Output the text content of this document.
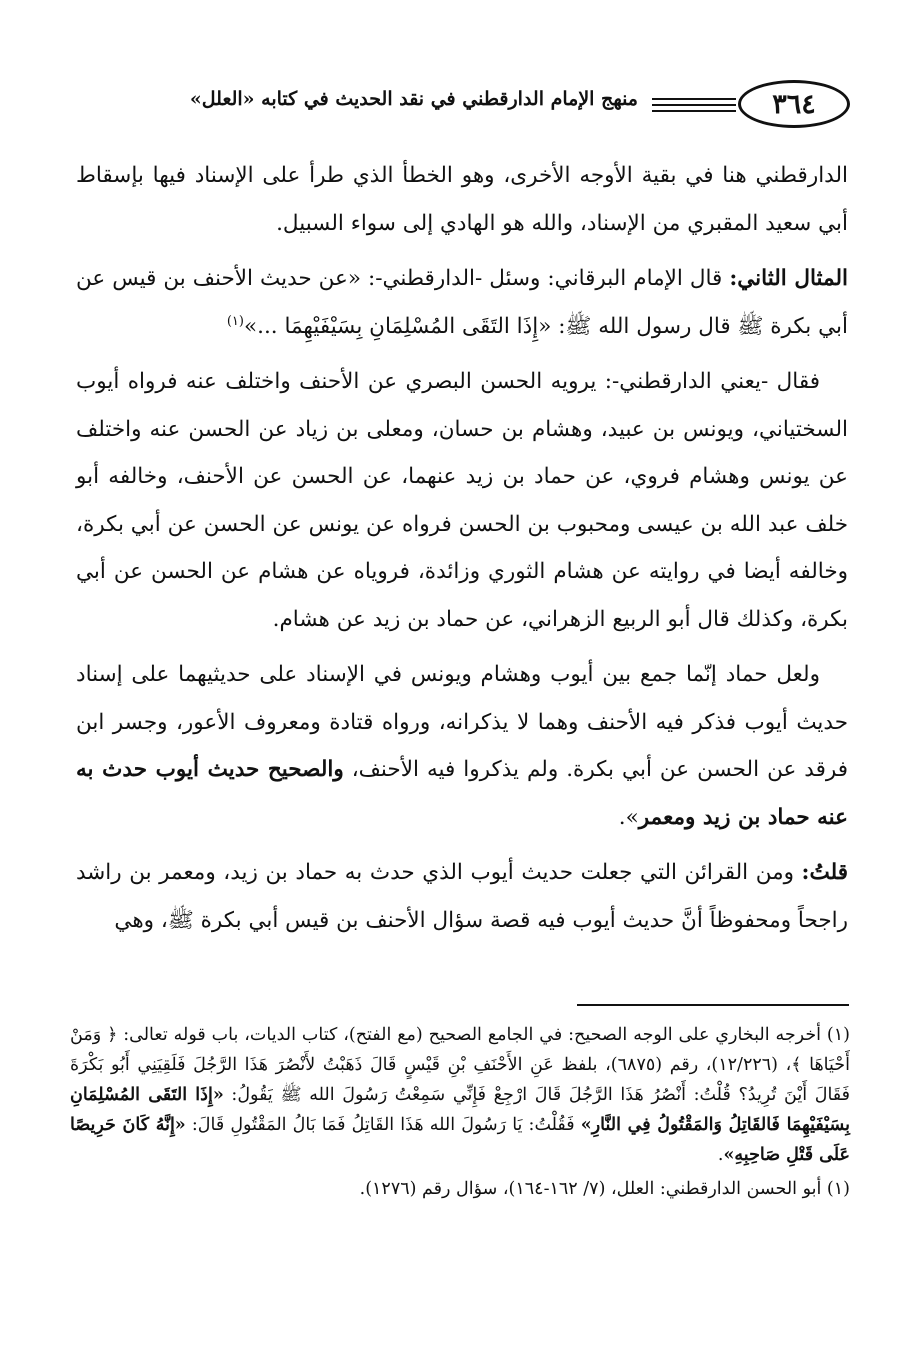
٣٦٤
منهج الإمام الدارقطني في نقد الحديث في كتابه «العلل»

الدارقطني هنا في بقية الأوجه الأخرى، وهو الخطأ الذي طرأ على الإسناد فيها بإسقاط أبي سعيد المقبري من الإسناد، والله هو الهادي إلى سواء السبيل.

المثال الثاني: قال الإمام البرقاني: وسئل -الدارقطني-: «عن حديث الأحنف بن قيس عن أبي بكرة ﷺ قال رسول الله ﷺ: «إِذَا التَقَى المُسْلِمَانِ بِسَيْفَيْهِمَا ...»$^{(١)}$

فقال -يعني الدارقطني-: يرويه الحسن البصري عن الأحنف واختلف عنه فرواه أيوب السختياني، ويونس بن عبيد، وهشام بن حسان، ومعلى بن زياد عن الحسن عنه واختلف عن يونس وهشام فروي، عن حماد بن زيد عنهما، عن الحسن عن الأحنف، وخالفه أبو خلف عبد الله بن عيسى ومحبوب بن الحسن فرواه عن يونس عن الحسن عن أبي بكرة، وخالفه أيضا في روايته عن هشام الثوري وزائدة، فروياه عن هشام عن الحسن عن أبي بكرة، وكذلك قال أبو الربيع الزهراني، عن حماد بن زيد عن هشام.

ولعل حماد إنّما جمع بين أيوب وهشام ويونس في الإسناد على حديثيهما على إسناد حديث أيوب فذكر فيه الأحنف وهما لا يذكرانه، ورواه قتادة ومعروف الأعور، وجسر ابن فرقد عن الحسن عن أبي بكرة. ولم يذكروا فيه الأحنف، والصحيح حديث أيوب حدث به عنه حماد بن زيد ومعمر».

قلتُ: ومن القرائن التي جعلت حديث أيوب الذي حدث به حماد بن زيد، ومعمر بن راشد راجحاً ومحفوظاً أنَّ حديث أيوب فيه قصة سؤال الأحنف بن قيس أبي بكرة ﷺ، وهي

(١) أخرجه البخاري على الوجه الصحيح: في الجامع الصحيح (مع الفتح)، كتاب الديات، باب قوله تعالى: ﴿ وَمَنْ أَحْيَاهَا ﴾، (١٢/٢٢٦)، رقم (٦٨٧٥)، بلفظ عَنِ الأَحْنَفِ بْنِ قَيْسٍ قَالَ ذَهَبْتُ لأَنْصُرَ هَذَا الرَّجُلَ فَلَقِيَنِي أَبُو بَكْرَةَ فَقَالَ أَيْنَ تُرِيدُ؟ قُلْتُ: أَنْصُرُ هَذَا الرَّجُلَ قَالَ ارْجِعْ فَإِنِّي سَمِعْتُ رَسُولَ الله ﷺ يَقُولُ: «إِذَا التَقَى المُسْلِمَانِ بِسَيْفَيْهِمَا فَالقَاتِلُ وَالمَقْتُولُ فِي النَّارِ» فَقُلْتُ: يَا رَسُولَ الله هَذَا القَاتِلُ فَمَا بَالُ المَقْتُولِ قَالَ: «إِنَّهُ كَانَ حَرِيصًا عَلَى قَتْلِ صَاحِبِهِ».

(١) أبو الحسن الدارقطني: العلل، (٧/ ١٦٢-١٦٤)، سؤال رقم (١٢٧٦).
